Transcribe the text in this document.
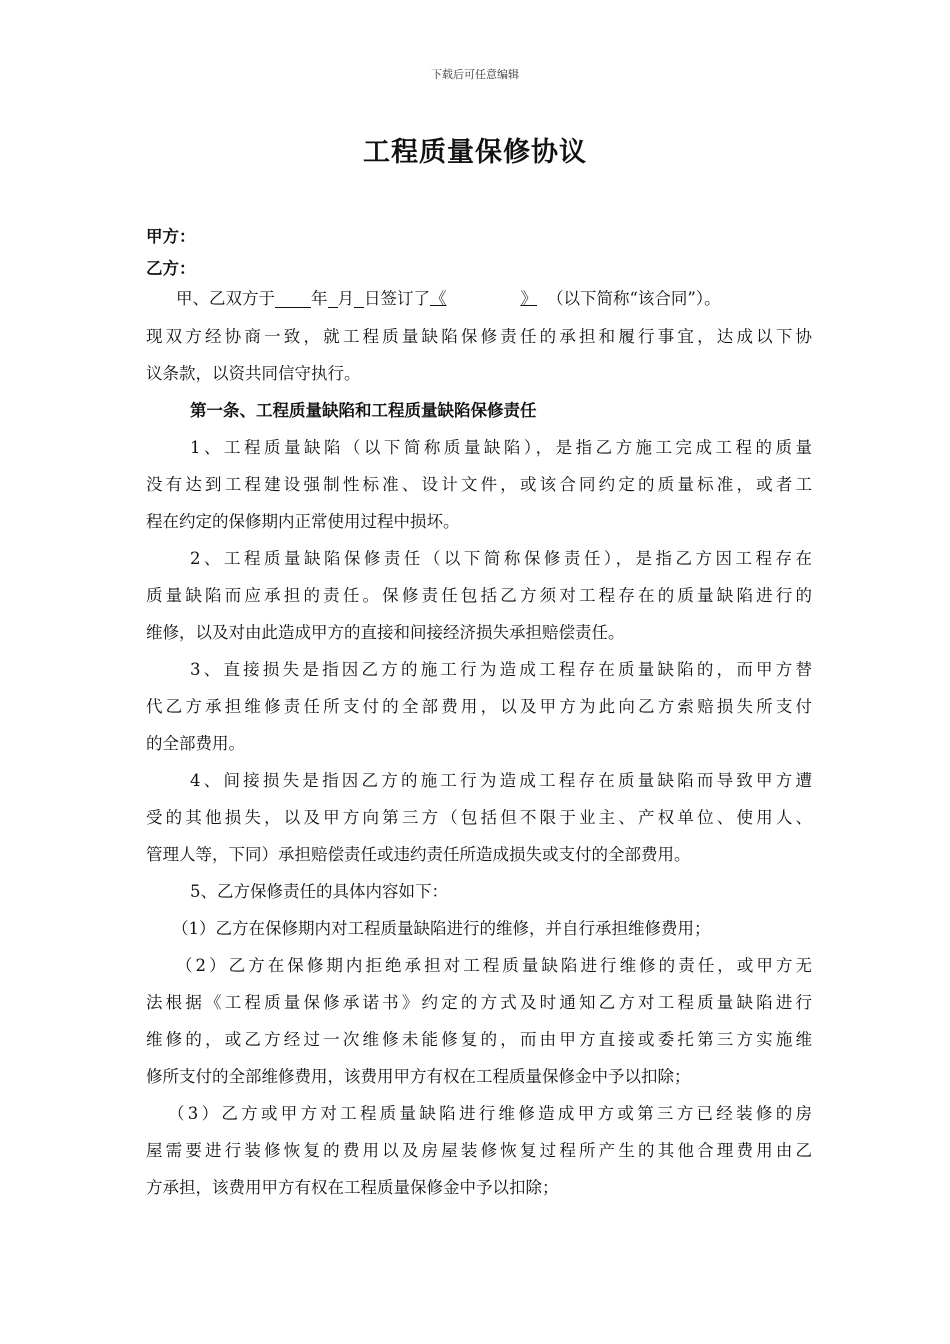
下载后可任意编辑
工程质量保修协议
甲方：
乙方：
甲、乙双方于 年 月 日签订了《	》 （以下简称“该合同”）。
现双方经协商一致，就工程质量缺陷保修责任的承担和履行事宜，达成以下协
议条款，以资共同信守执行。
第一条、工程质量缺陷和工程质量缺陷保修责任
1、工程质量缺陷（以下简称质量缺陷），是指乙方施工完成工程的质量
没有达到工程建设强制性标准、设计文件，或该合同约定的质量标准，或者工
程在约定的保修期内正常使用过程中损坏。
2、工程质量缺陷保修责任（以下简称保修责任），是指乙方因工程存在
质量缺陷而应承担的责任。保修责任包括乙方须对工程存在的质量缺陷进行的
维修，以及对由此造成甲方的直接和间接经济损失承担赔偿责任。
3、直接损失是指因乙方的施工行为造成工程存在质量缺陷的，而甲方替
代乙方承担维修责任所支付的全部费用，以及甲方为此向乙方索赔损失所支付
的全部费用。
4、间接损失是指因乙方的施工行为造成工程存在质量缺陷而导致甲方遭
受的其他损失，以及甲方向第三方（包括但不限于业主、产权单位、使用人、
管理人等，下同）承担赔偿责任或违约责任所造成损失或支付的全部费用。
5、乙方保修责任的具体内容如下：
（1）乙方在保修期内对工程质量缺陷进行的维修，并自行承担维修费用；
（2）乙方在保修期内拒绝承担对工程质量缺陷进行维修的责任，或甲方无
法根据《工程质量保修承诺书》约定的方式及时通知乙方对工程质量缺陷进行
维修的，或乙方经过一次维修未能修复的，而由甲方直接或委托第三方实施维
修所支付的全部维修费用，该费用甲方有权在工程质量保修金中予以扣除；
（3）乙方或甲方对工程质量缺陷进行维修造成甲方或第三方已经装修的房
屋需要进行装修恢复的费用以及房屋装修恢复过程所产生的其他合理费用由乙
方承担，该费用甲方有权在工程质量保修金中予以扣除；
